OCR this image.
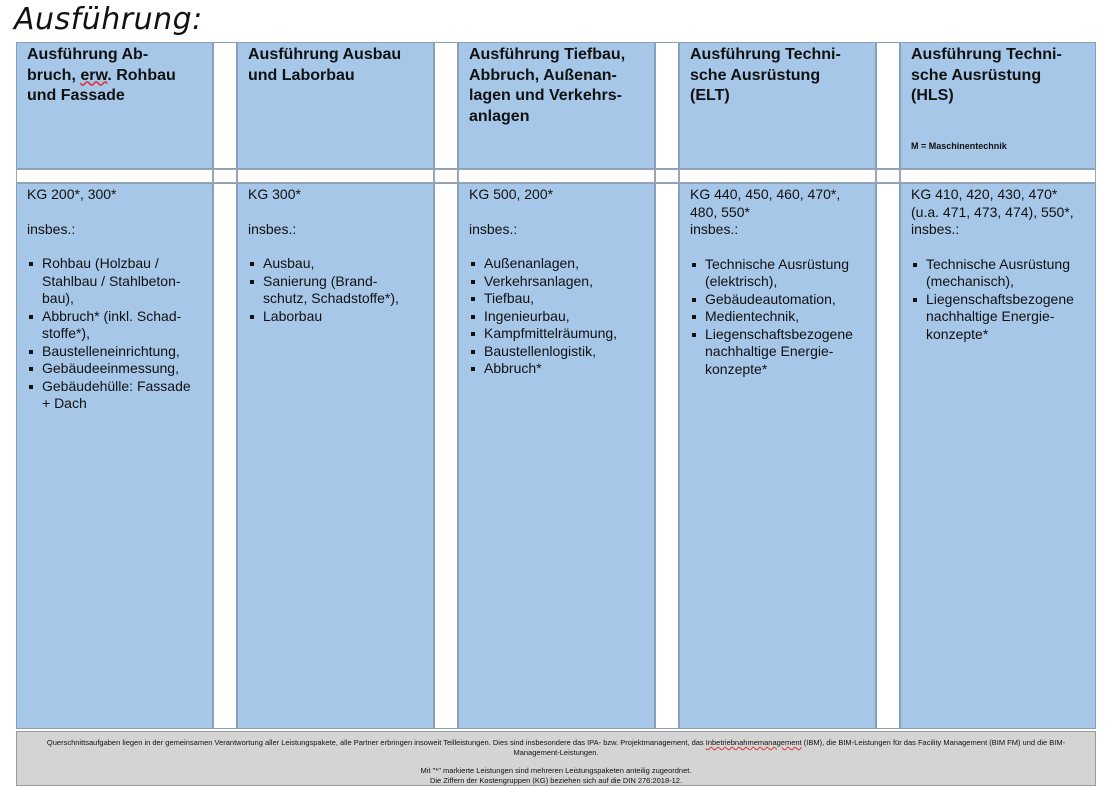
Ausführung:
Ausführung Ab-
bruch, erw. Rohbau
und Fassade

KG 200*, 300*

insbes.:

Rohbau (Holzbau /
Stahlbau / Stahlbeton-
bau),
Abbruch* (inkl. Schad-
stoffe*),
Baustelleneinrichtung,
Gebäudeeinmessung,
Gebäudehülle: Fassade + Dach
Ausführung Ausbau
und Laborbau

KG 300*

insbes.:

Ausbau,
Sanierung (Brand-
schutz, Schadstoffe*),
Laborbau
Ausführung Tiefbau,
Abbruch, Außenan-
lagen und Verkehrs-
anlagen

KG 500, 200*

insbes.:

Außenanlagen,
Verkehrsanlagen,
Tiefbau,
Ingenieurbau,
Kampfmittelräumung,
Baustellenlogistik,
Abbruch*
Ausführung Techni-
sche Ausrüstung
(ELT)

KG 440, 450, 460, 470*,
480, 550*

insbes.:

Technische Ausrüstung
(elektrisch),
Gebäudeautomation,
Medientechnik,
Liegenschaftsbezogene
nachhaltige Energie-
konzepte*
Ausführung Techni-
sche Ausrüstung
(HLS)
M = Maschinentechnik

KG 410, 420, 430, 470*
(u.a. 471, 473, 474), 550*,

insbes.:

Technische Ausrüstung
(mechanisch),
Liegenschaftsbezogene
nachhaltige Energie-
konzepte*

Querschnittsaufgaben liegen in der gemeinsamen Verantwortung aller Leistungspakete, alle Partner erbringen insoweit Teilleistungen. Dies sind insbesondere das IPA- bzw. Projektmanagement, das Inbetriebnahmemanagement (IBM), die BIM-Leistungen für das Facility Management (BIM FM) und die BIM-Management-Leistungen.

Mit "*" markierte Leistungen sind mehreren Leistungspaketen anteilig zugeordnet.

Die Ziffern der Kostengruppen (KG) beziehen sich auf die DIN 276:2018-12.
